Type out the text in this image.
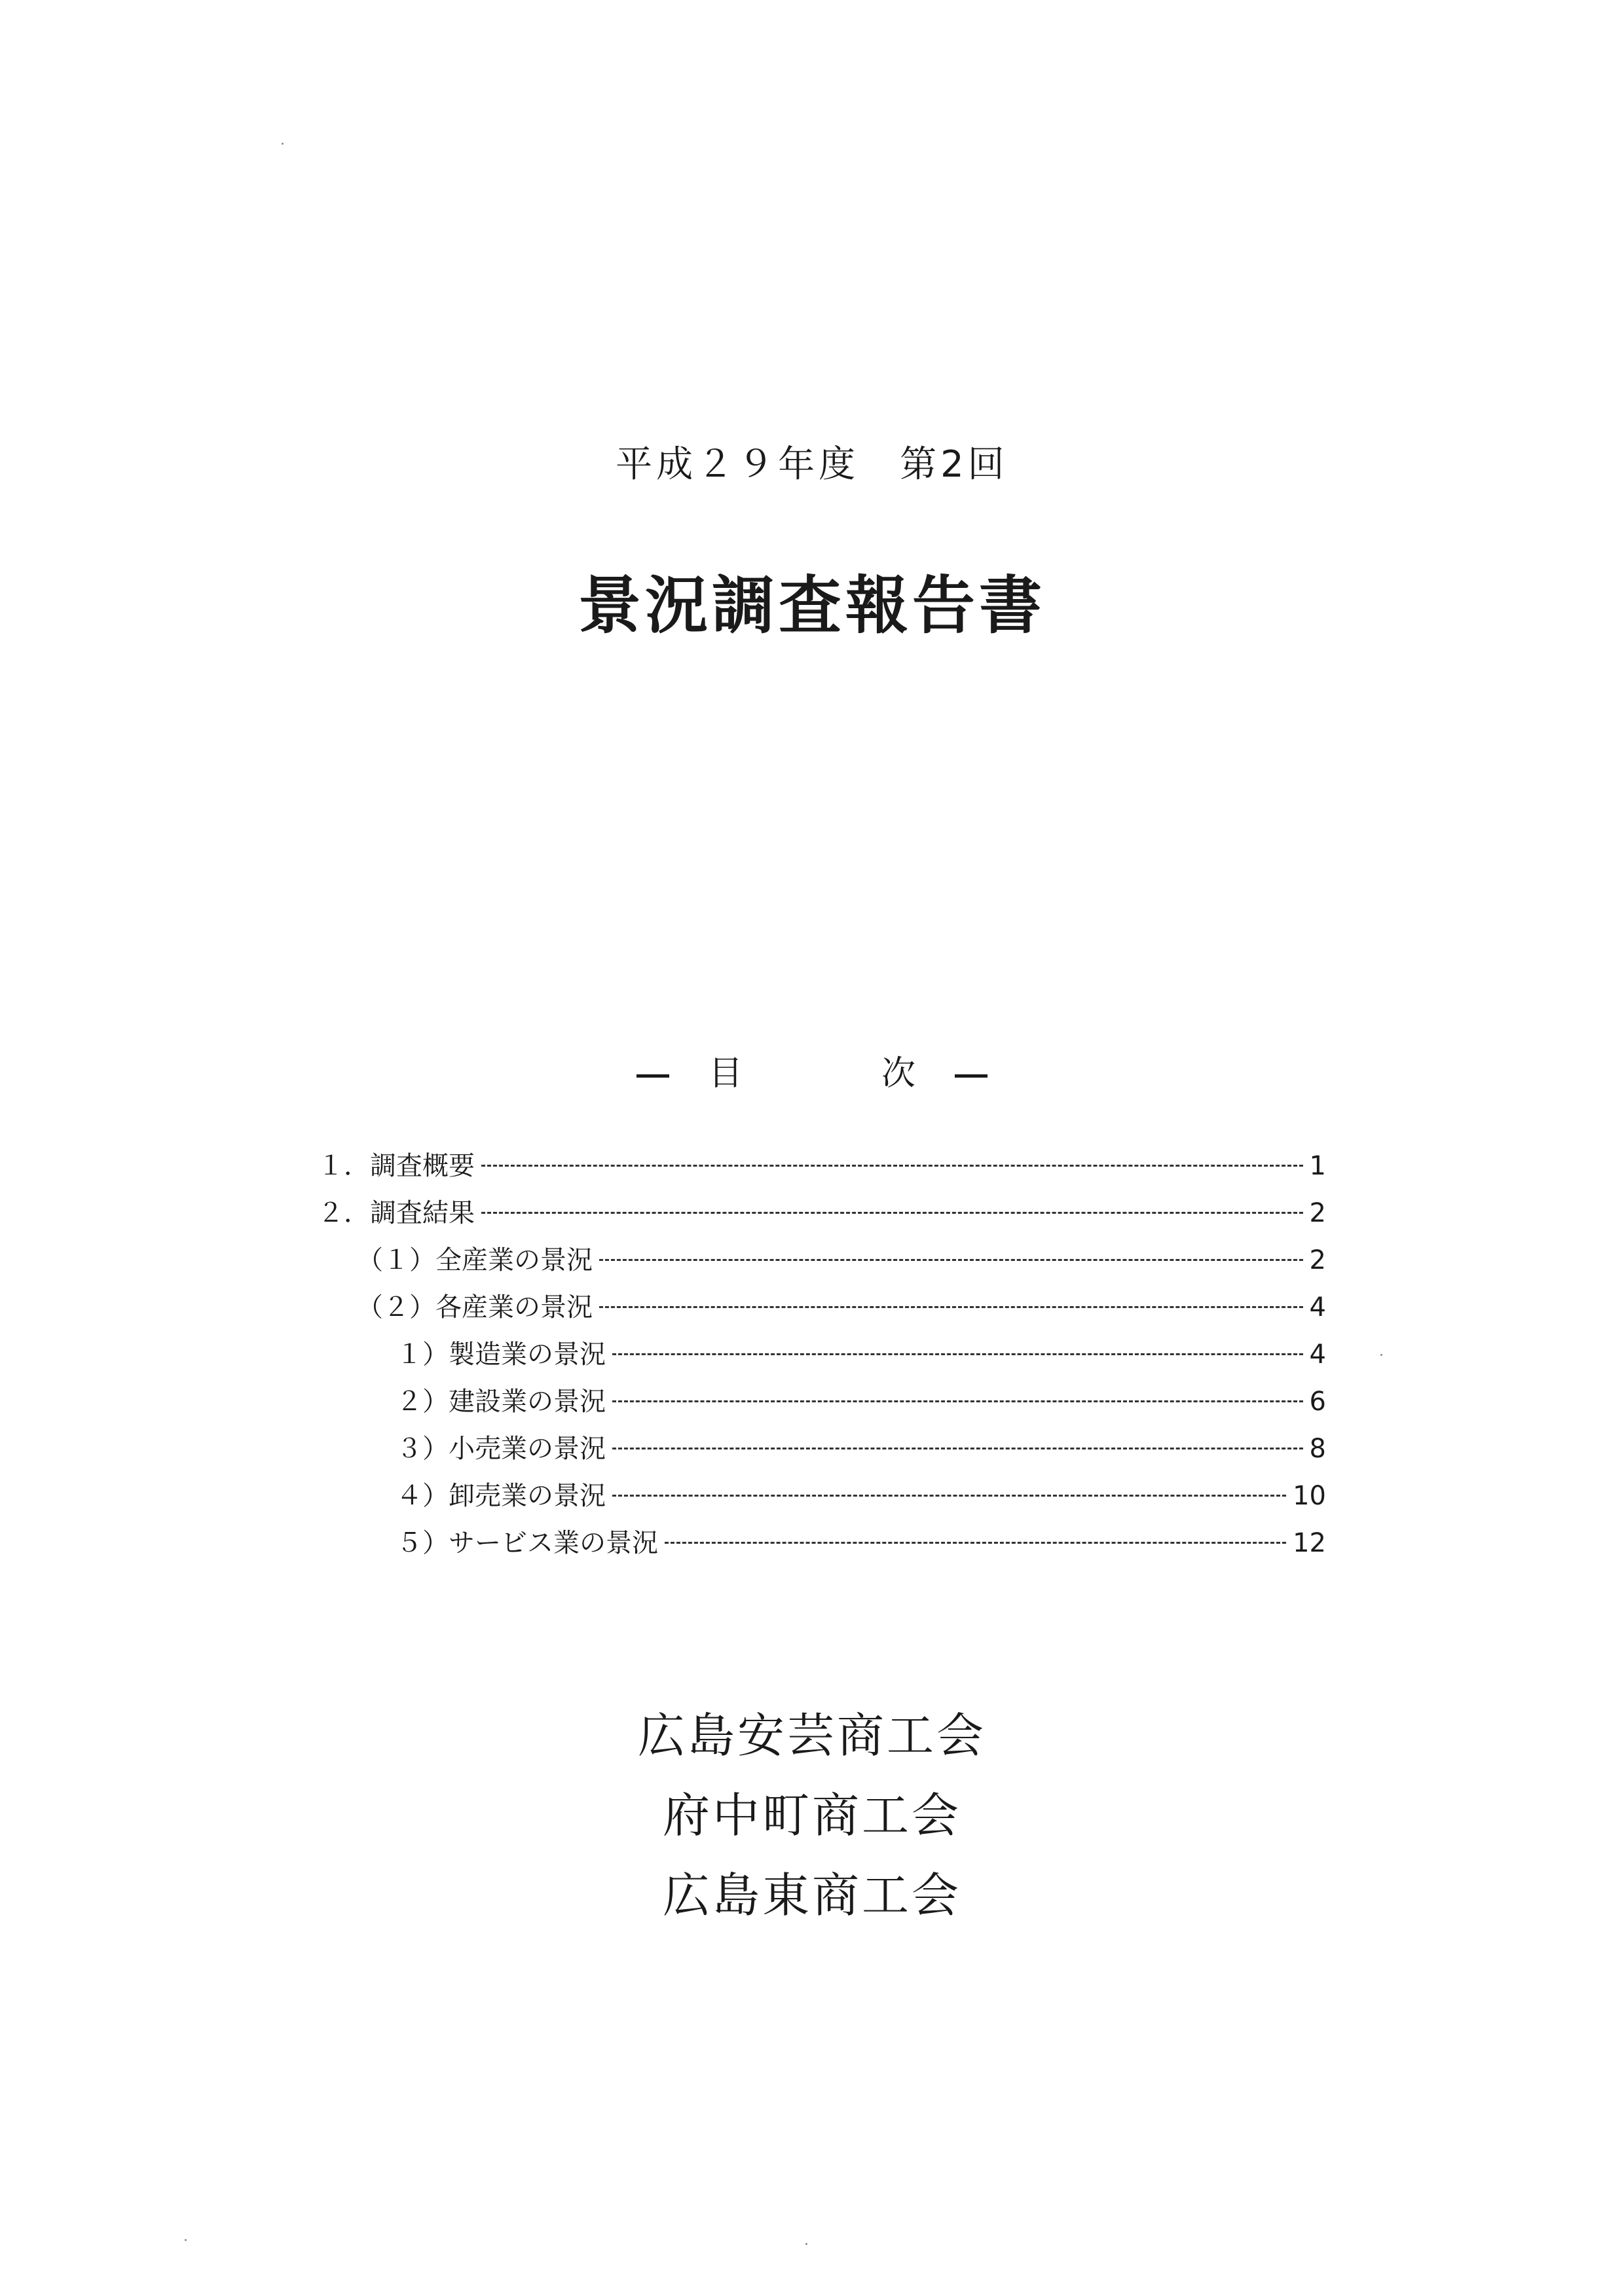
平成２９年度　第2回
景況調査報告書
目　次
１．調査概要	1
２．調査結果	2
（１）全産業の景況	2
（２）各産業の景況	4
１）製造業の景況	4
２）建設業の景況	6
３）小売業の景況	8
４）卸売業の景況	10
５）サービス業の景況	12
広島安芸商工会
府中町商工会
広島東商工会
